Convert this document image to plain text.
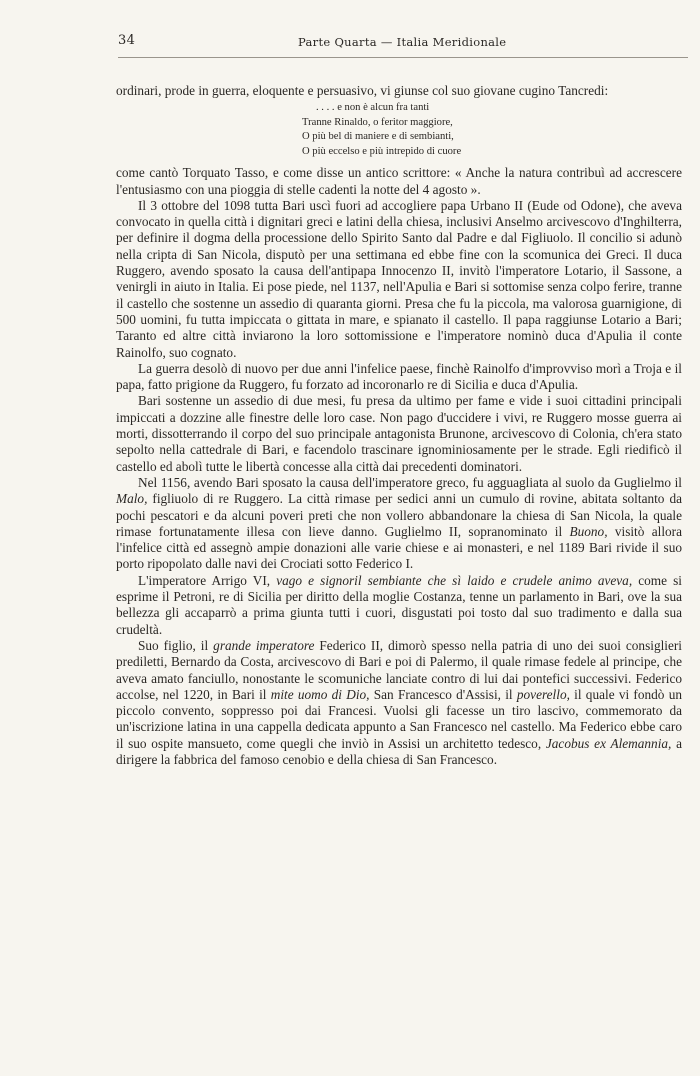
34	Parte Quarta — Italia Meridionale

ordinari, prode in guerra, eloquente e persuasivo, vi giunse col suo giovane cugino Tancredi:

. . . . e non è alcun fra tanti
Tranne Rinaldo, o feritor maggiore,
O più bel di maniere e di sembianti,
O più eccelso e più intrepido di cuore

come cantò Torquato Tasso, e come disse un antico scrittore: « Anche la natura contribuì ad accrescere l'entusiasmo con una pioggia di stelle cadenti la notte del 4 agosto ».

Il 3 ottobre del 1098 tutta Bari uscì fuori ad accogliere papa Urbano II (Eude od Odone), che aveva convocato in quella città i dignitari greci e latini della chiesa, inclusivi Anselmo arcivescovo d'Inghilterra, per definire il dogma della processione dello Spirito Santo dal Padre e dal Figliuolo. Il concilio si adunò nella cripta di San Nicola, disputò per una settimana ed ebbe fine con la scomunica dei Greci. Il duca Ruggero, avendo sposato la causa dell'antipapa Innocenzo II, invitò l'imperatore Lotario, il Sassone, a venirgli in aiuto in Italia. Ei pose piede, nel 1137, nell'Apulia e Bari si sottomise senza colpo ferire, tranne il castello che sostenne un assedio di quaranta giorni. Presa che fu la piccola, ma valorosa guarnigione, di 500 uomini, fu tutta impiccata o gittata in mare, e spianato il castello. Il papa raggiunse Lotario a Bari; Taranto ed altre città inviarono la loro sottomissione e l'imperatore nominò duca d'Apulia il conte Rainolfo, suo cognato.

La guerra desolò di nuovo per due anni l'infelice paese, finchè Rainolfo d'improvviso morì a Troja e il papa, fatto prigione da Ruggero, fu forzato ad incoronarlo re di Sicilia e duca d'Apulia.

Bari sostenne un assedio di due mesi, fu presa da ultimo per fame e vide i suoi cittadini principali impiccati a dozzine alle finestre delle loro case. Non pago d'uccidere i vivi, re Ruggero mosse guerra ai morti, dissotterrando il corpo del suo principale antagonista Brunone, arcivescovo di Colonia, ch'era stato sepolto nella cattedrale di Bari, e facendolo trascinare ignominiosamente per le strade. Egli riedificò il castello ed abolì tutte le libertà concesse alla città dai precedenti dominatori.

Nel 1156, avendo Bari sposato la causa dell'imperatore greco, fu agguagliata al suolo da Guglielmo il Malo, figliuolo di re Ruggero. La città rimase per sedici anni un cumulo di rovine, abitata soltanto da pochi pescatori e da alcuni poveri preti che non vollero abbandonare la chiesa di San Nicola, la quale rimase fortunatamente illesa con lieve danno. Guglielmo II, sopranominato il Buono, visitò allora l'infelice città ed assegnò ampie donazioni alle varie chiese e ai monasteri, e nel 1189 Bari rivide il suo porto ripopolato dalle navi dei Crociati sotto Federico I.

L'imperatore Arrigo VI, vago e signoril sembiante che sì laido e crudele animo aveva, come si esprime il Petroni, re di Sicilia per diritto della moglie Costanza, tenne un parlamento in Bari, ove la sua bellezza gli accaparrò a prima giunta tutti i cuori, disgustati poi tosto dal suo tradimento e dalla sua crudeltà.

Suo figlio, il grande imperatore Federico II, dimorò spesso nella patria di uno dei suoi consiglieri prediletti, Bernardo da Costa, arcivescovo di Bari e poi di Palermo, il quale rimase fedele al principe, che aveva amato fanciullo, nonostante le scomuniche lanciate contro di lui dai pontefici successivi. Federico accolse, nel 1220, in Bari il mite uomo di Dio, San Francesco d'Assisi, il poverello, il quale vi fondò un piccolo convento, soppresso poi dai Francesi. Vuolsi gli facesse un tiro lascivo, commemorato da un'iscrizione latina in una cappella dedicata appunto a San Francesco nel castello. Ma Federico ebbe caro il suo ospite mansueto, come quegli che inviò in Assisi un architetto tedesco, Jacobus ex Alemannia, a dirigere la fabbrica del famoso cenobio e della chiesa di San Francesco.
